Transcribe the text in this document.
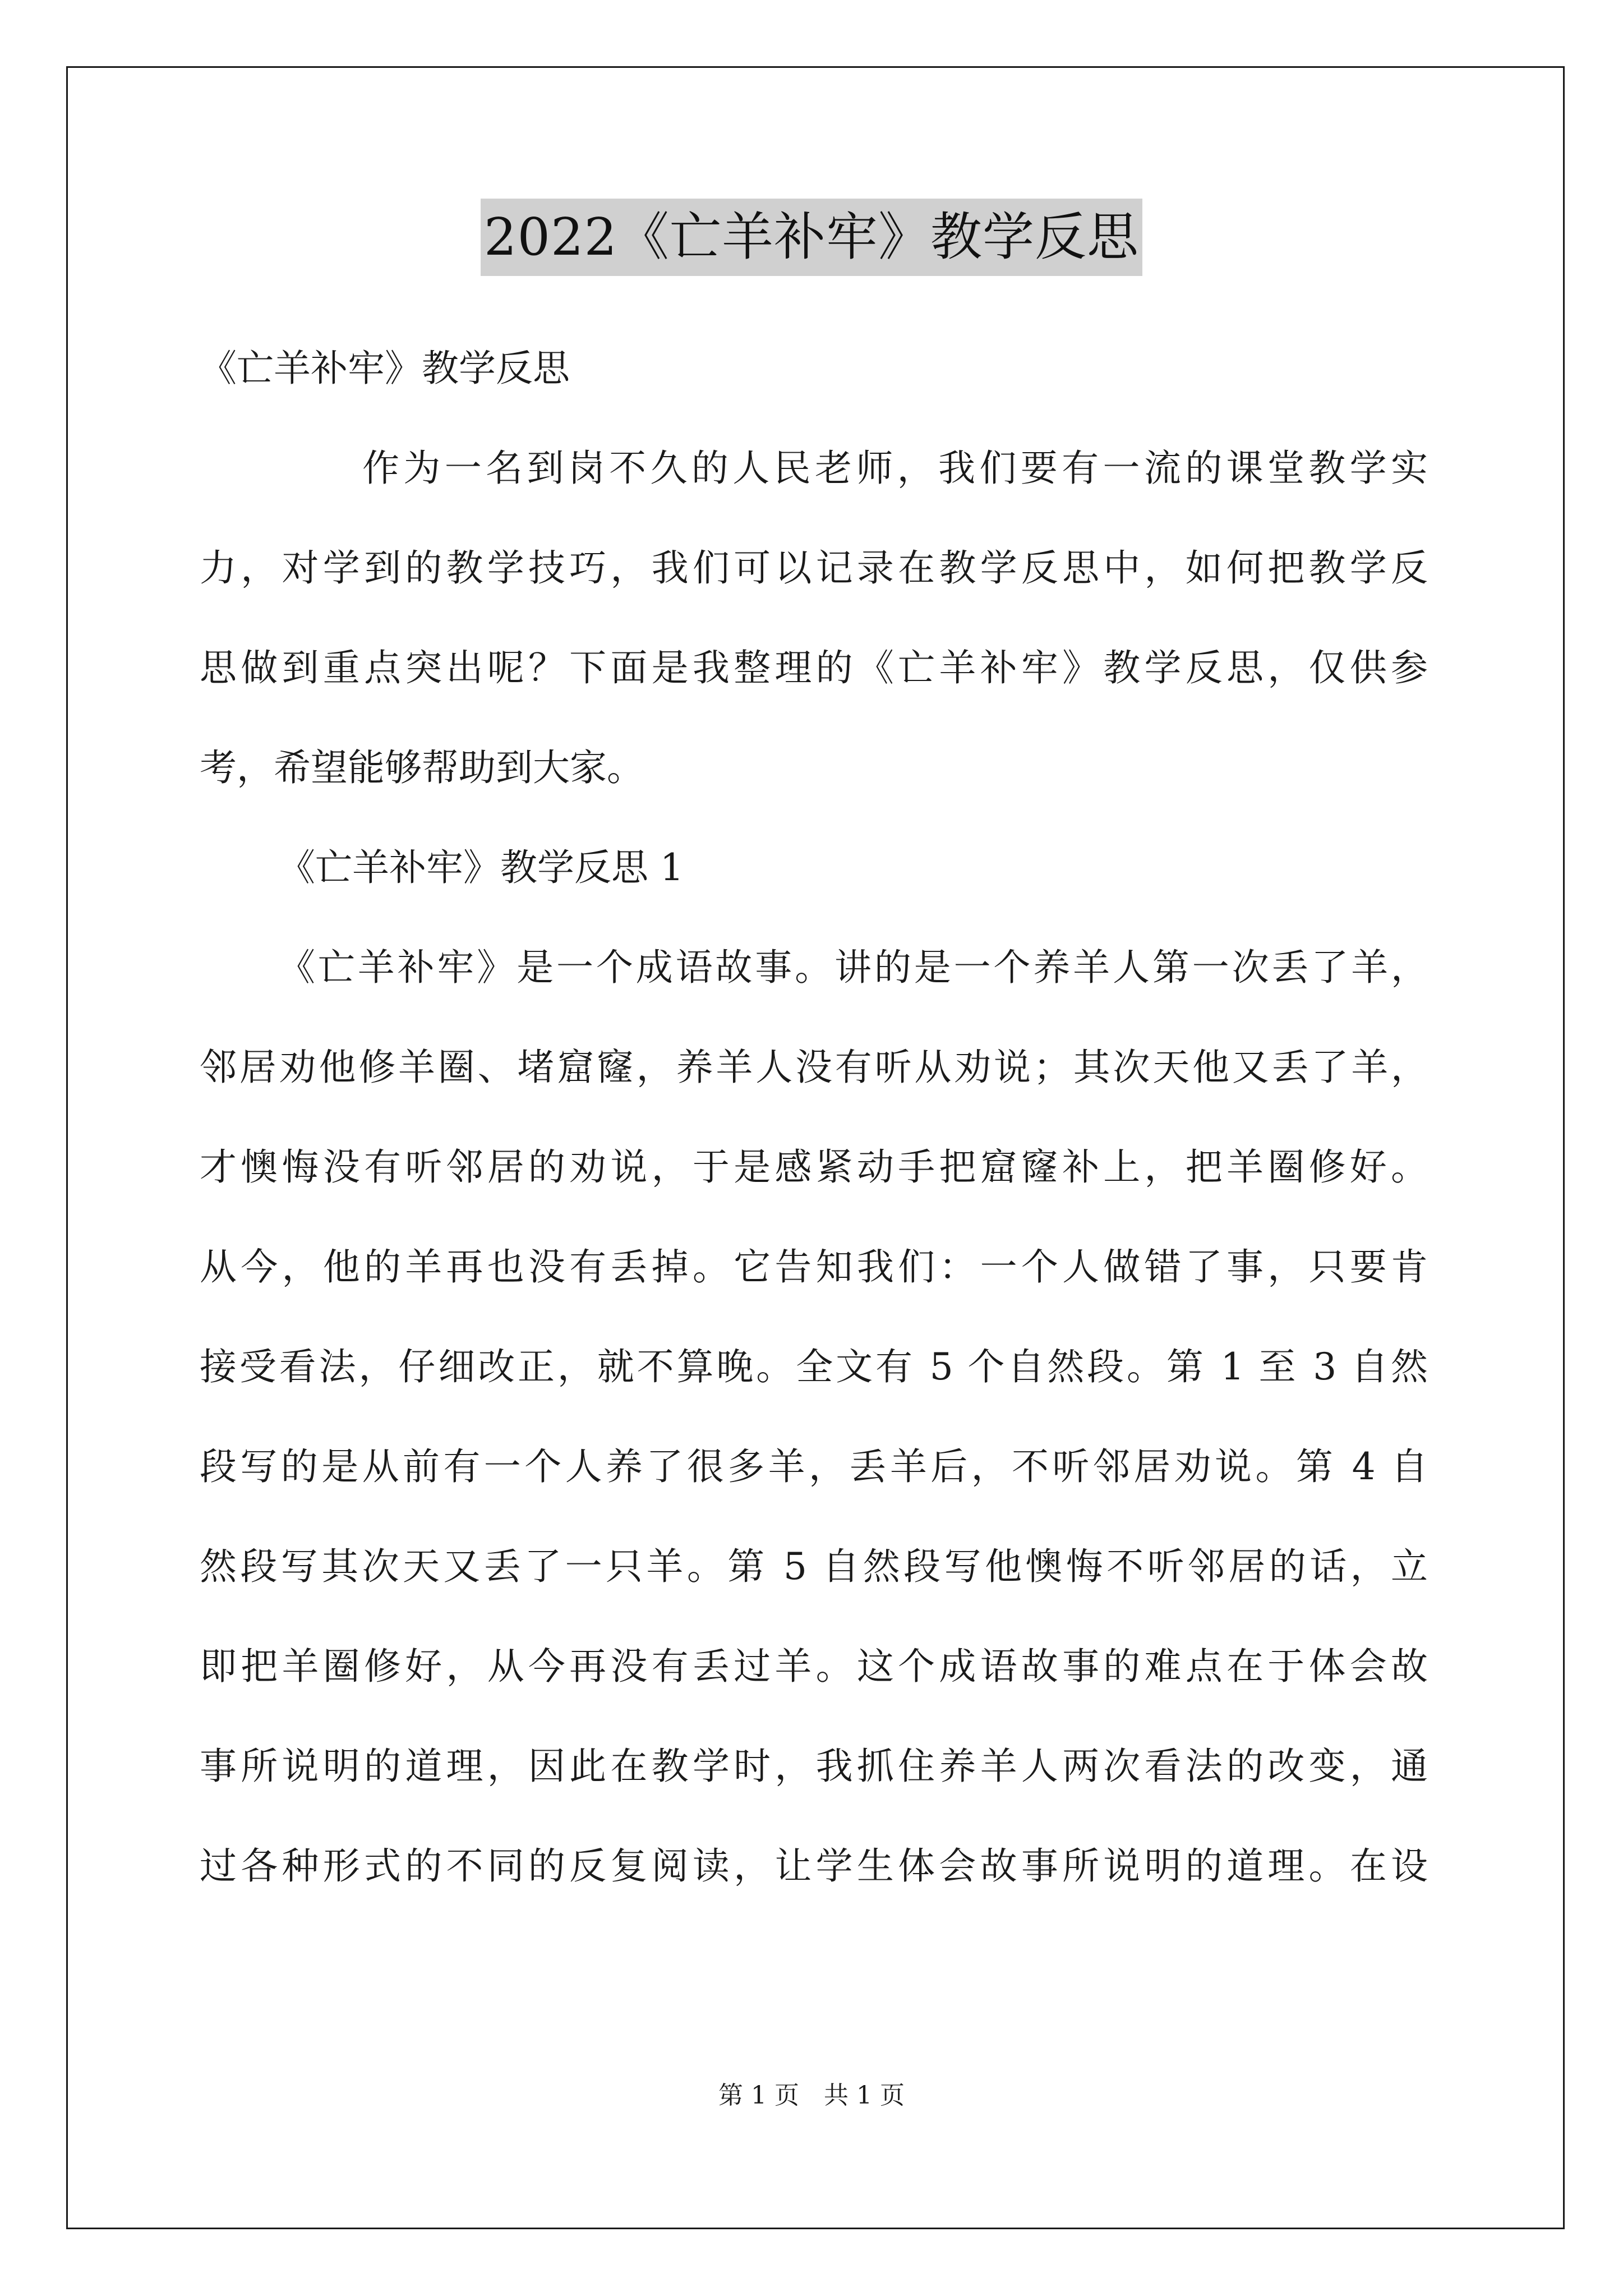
2022《亡羊补牢》教学反思
《亡羊补牢》教学反思
作为一名到岗不久的人民老师，我们要有一流的课堂教学实
力，对学到的教学技巧，我们可以记录在教学反思中，如何把教学反
思做到重点突出呢？下面是我整理的《亡羊补牢》教学反思，仅供参
考，希望能够帮助到大家。
《亡羊补牢》教学反思 1
《亡羊补牢》是一个成语故事。讲的是一个养羊人第一次丢了羊，
邻居劝他修羊圈、堵窟窿，养羊人没有听从劝说；其次天他又丢了羊，
才懊悔没有听邻居的劝说，于是感紧动手把窟窿补上，把羊圈修好。
从今，他的羊再也没有丢掉。它告知我们：一个人做错了事，只要肯
接受看法，仔细改正，就不算晚。全文有 5 个自然段。第 1 至 3 自然
段写的是从前有一个人养了很多羊，丢羊后，不听邻居劝说。第 4 自
然段写其次天又丢了一只羊。第 5 自然段写他懊悔不听邻居的话，立
即把羊圈修好，从今再没有丢过羊。这个成语故事的难点在于体会故
事所说明的道理，因此在教学时，我抓住养羊人两次看法的改变，通
过各种形式的不同的反复阅读，让学生体会故事所说明的道理。在设
第 1 页 共 1 页
